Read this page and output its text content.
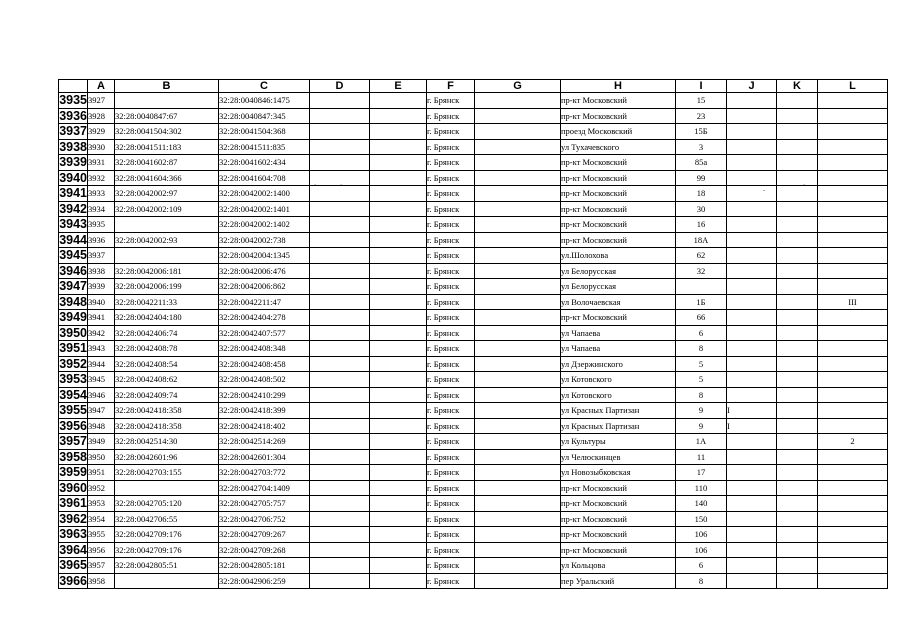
	A	B	C	D	E	F	G	H	I	J	K	L
3935	3927		32:28:0040846:1475			г. Брянск		пр-кт Московский	15			
3936	3928	32:28:0040847:67	32:28:0040847:345			г. Брянск		пр-кт Московский	23			
3937	3929	32:28:0041504:302	32:28:0041504:368			г. Брянск		проезд Московский	15Б			
3938	3930	32:28:0041511:183	32:28:0041511:835			г. Брянск		ул Тухачевского	3			
3939	3931	32:28:0041602:87	32:28:0041602:434			г. Брянск		пр-кт Московский	85а			
3940	3932	32:28:0041604:366	32:28:0041604:708			г. Брянск		пр-кт Московский	99			
3941	3933	32:28:0042002:97	32:28:0042002:1400			г. Брянск		пр-кт Московский	18			
3942	3934	32:28:0042002:109	32:28:0042002:1401			г. Брянск		пр-кт Московский	30			
3943	3935		32:28:0042002:1402			г. Брянск		пр-кт Московский	16			
3944	3936	32:28:0042002:93	32:28:0042002:738			г. Брянск		пр-кт Московский	18А			
3945	3937		32:28:0042004:1345			г. Брянск		ул.Шолохова	62			
3946	3938	32:28:0042006:181	32:28:0042006:476			г. Брянск		ул Белорусская	32			
3947	3939	32:28:0042006:199	32:28:0042006:862			г. Брянск		ул Белорусская				
3948	3940	32:28:0042211:33	32:28:0042211:47			г. Брянск		ул Волочаевская	1Б			III
3949	3941	32:28:0042404:180	32:28:0042404:278			г. Брянск		пр-кт Московский	66			
3950	3942	32:28:0042406:74	32:28:0042407:577			г. Брянск		ул Чапаева	6			
3951	3943	32:28:0042408:78	32:28:0042408:348			г. Брянск		ул Чапаева	8			
3952	3944	32:28:0042408:54	32:28:0042408:458			г. Брянск		ул Дзержинского	5			
3953	3945	32:28:0042408:62	32:28:0042408:502			г. Брянск		ул Котовского	5			
3954	3946	32:28:0042409:74	32:28:0042410:299			г. Брянск		ул Котовского	8			
3955	3947	32:28:0042418:358	32:28:0042418:399			г. Брянск		ул Красных Партизан	9	I		
3956	3948	32:28:0042418:358	32:28:0042418:402			г. Брянск		ул Красных Партизан	9	I		
3957	3949	32:28:0042514:30	32:28:0042514:269			г. Брянск		ул Культуры	1А			2
3958	3950	32:28:0042601:96	32:28:0042601:304			г. Брянск		ул Челюскинцев	11			
3959	3951	32:28:0042703:155	32:28:0042703:772			г. Брянск		ул Новозыбковская	17			
3960	3952		32:28:0042704:1409			г. Брянск		пр-кт Московский	110			
3961	3953	32:28:0042705:120	32:28:0042705:757			г. Брянск		пр-кт Московский	140			
3962	3954	32:28:0042706:55	32:28:0042706:752			г. Брянск		пр-кт Московский	150			
3963	3955	32:28:0042709:176	32:28:0042709:267			г. Брянск		пр-кт Московский	106			
3964	3956	32:28:0042709:176	32:28:0042709:268			г. Брянск		пр-кт Московский	106			
3965	3957	32:28:0042805:51	32:28:0042805:181			г. Брянск		ул Кольцова	6			
3966	3958		32:28:0042906:259			г. Брянск		пер Уральский	8			
`	`	-	`
